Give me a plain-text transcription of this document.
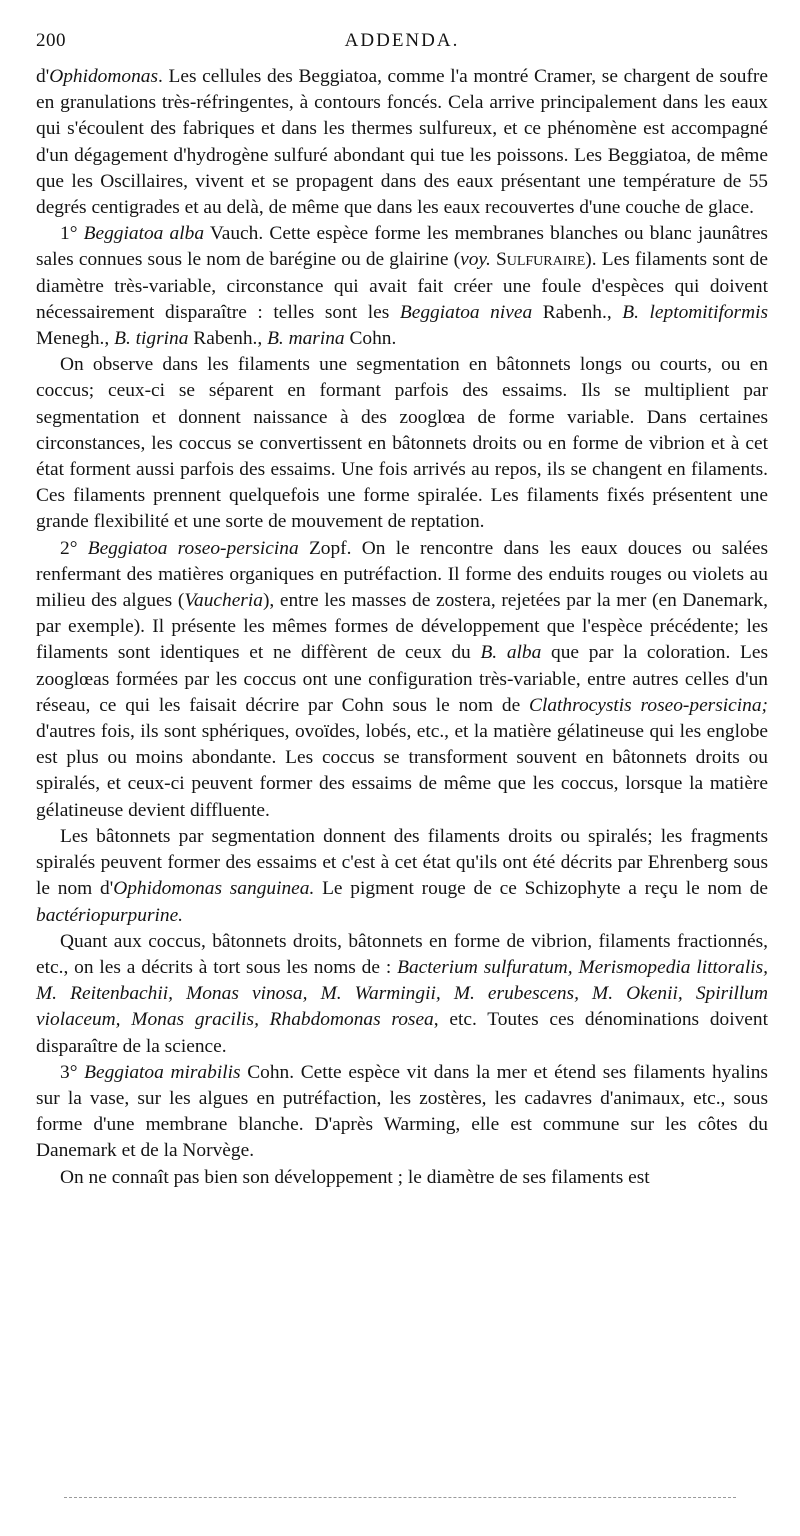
200	ADDENDA.

d'Ophidomonas. Les cellules des Beggiatoa, comme l'a montré Cramer, se chargent de soufre en granulations très-réfringentes, à contours foncés. Cela arrive principalement dans les eaux qui s'écoulent des fabriques et dans les thermes sulfureux, et ce phénomène est accompagné d'un dégagement d'hydrogène sulfuré abondant qui tue les poissons. Les Beggiatoa, de même que les Oscillaires, vivent et se propagent dans des eaux présentant une température de 55 degrés centigrades et au delà, de même que dans les eaux recouvertes d'une couche de glace.

1° Beggiatoa alba Vauch. Cette espèce forme les membranes blanches ou blanc jaunâtres sales connues sous le nom de barégine ou de glairine (voy. Sulfuraire). Les filaments sont de diamètre très-variable, circonstance qui avait fait créer une foule d'espèces qui doivent nécessairement disparaître : telles sont les Beggiatoa nivea Rabenh., B. leptomitiformis Menegh., B. tigrina Rabenh., B. marina Cohn.

On observe dans les filaments une segmentation en bâtonnets longs ou courts, ou en coccus; ceux-ci se séparent en formant parfois des essaims. Ils se multiplient par segmentation et donnent naissance à des zooglœa de forme variable. Dans certaines circonstances, les coccus se convertissent en bâtonnets droits ou en forme de vibrion et à cet état forment aussi parfois des essaims. Une fois arrivés au repos, ils se changent en filaments. Ces filaments prennent quelquefois une forme spiralée. Les filaments fixés présentent une grande flexibilité et une sorte de mouvement de reptation.

2° Beggiatoa roseo-persicina Zopf. On le rencontre dans les eaux douces ou salées renfermant des matières organiques en putréfaction. Il forme des enduits rouges ou violets au milieu des algues (Vaucheria), entre les masses de zostera, rejetées par la mer (en Danemark, par exemple). Il présente les mêmes formes de développement que l'espèce précédente; les filaments sont identiques et ne diffèrent de ceux du B. alba que par la coloration. Les zooglœas formées par les coccus ont une configuration très-variable, entre autres celles d'un réseau, ce qui les faisait décrire par Cohn sous le nom de Clathrocystis roseo-persicina; d'autres fois, ils sont sphériques, ovoïdes, lobés, etc., et la matière gélatineuse qui les englobe est plus ou moins abondante. Les coccus se transforment souvent en bâtonnets droits ou spiralés, et ceux-ci peuvent former des essaims de même que les coccus, lorsque la matière gélatineuse devient diffluente.

Les bâtonnets par segmentation donnent des filaments droits ou spiralés; les fragments spiralés peuvent former des essaims et c'est à cet état qu'ils ont été décrits par Ehrenberg sous le nom d'Ophidomonas sanguinea. Le pigment rouge de ce Schizophyte a reçu le nom de bactériopurpurine.

Quant aux coccus, bâtonnets droits, bâtonnets en forme de vibrion, filaments fractionnés, etc., on les a décrits à tort sous les noms de : Bacterium sulfuratum, Merismopedia littoralis, M. Reitenbachii, Monas vinosa, M. Warmingii, M. erubescens, M. Okenii, Spirillum violaceum, Monas gracilis, Rhabdomonas rosea, etc. Toutes ces dénominations doivent disparaître de la science.

3° Beggiatoa mirabilis Cohn. Cette espèce vit dans la mer et étend ses filaments hyalins sur la vase, sur les algues en putréfaction, les zostères, les cadavres d'animaux, etc., sous forme d'une membrane blanche. D'après Warming, elle est commune sur les côtes du Danemark et de la Norvège.

On ne connaît pas bien son développement ; le diamètre de ses filaments est
